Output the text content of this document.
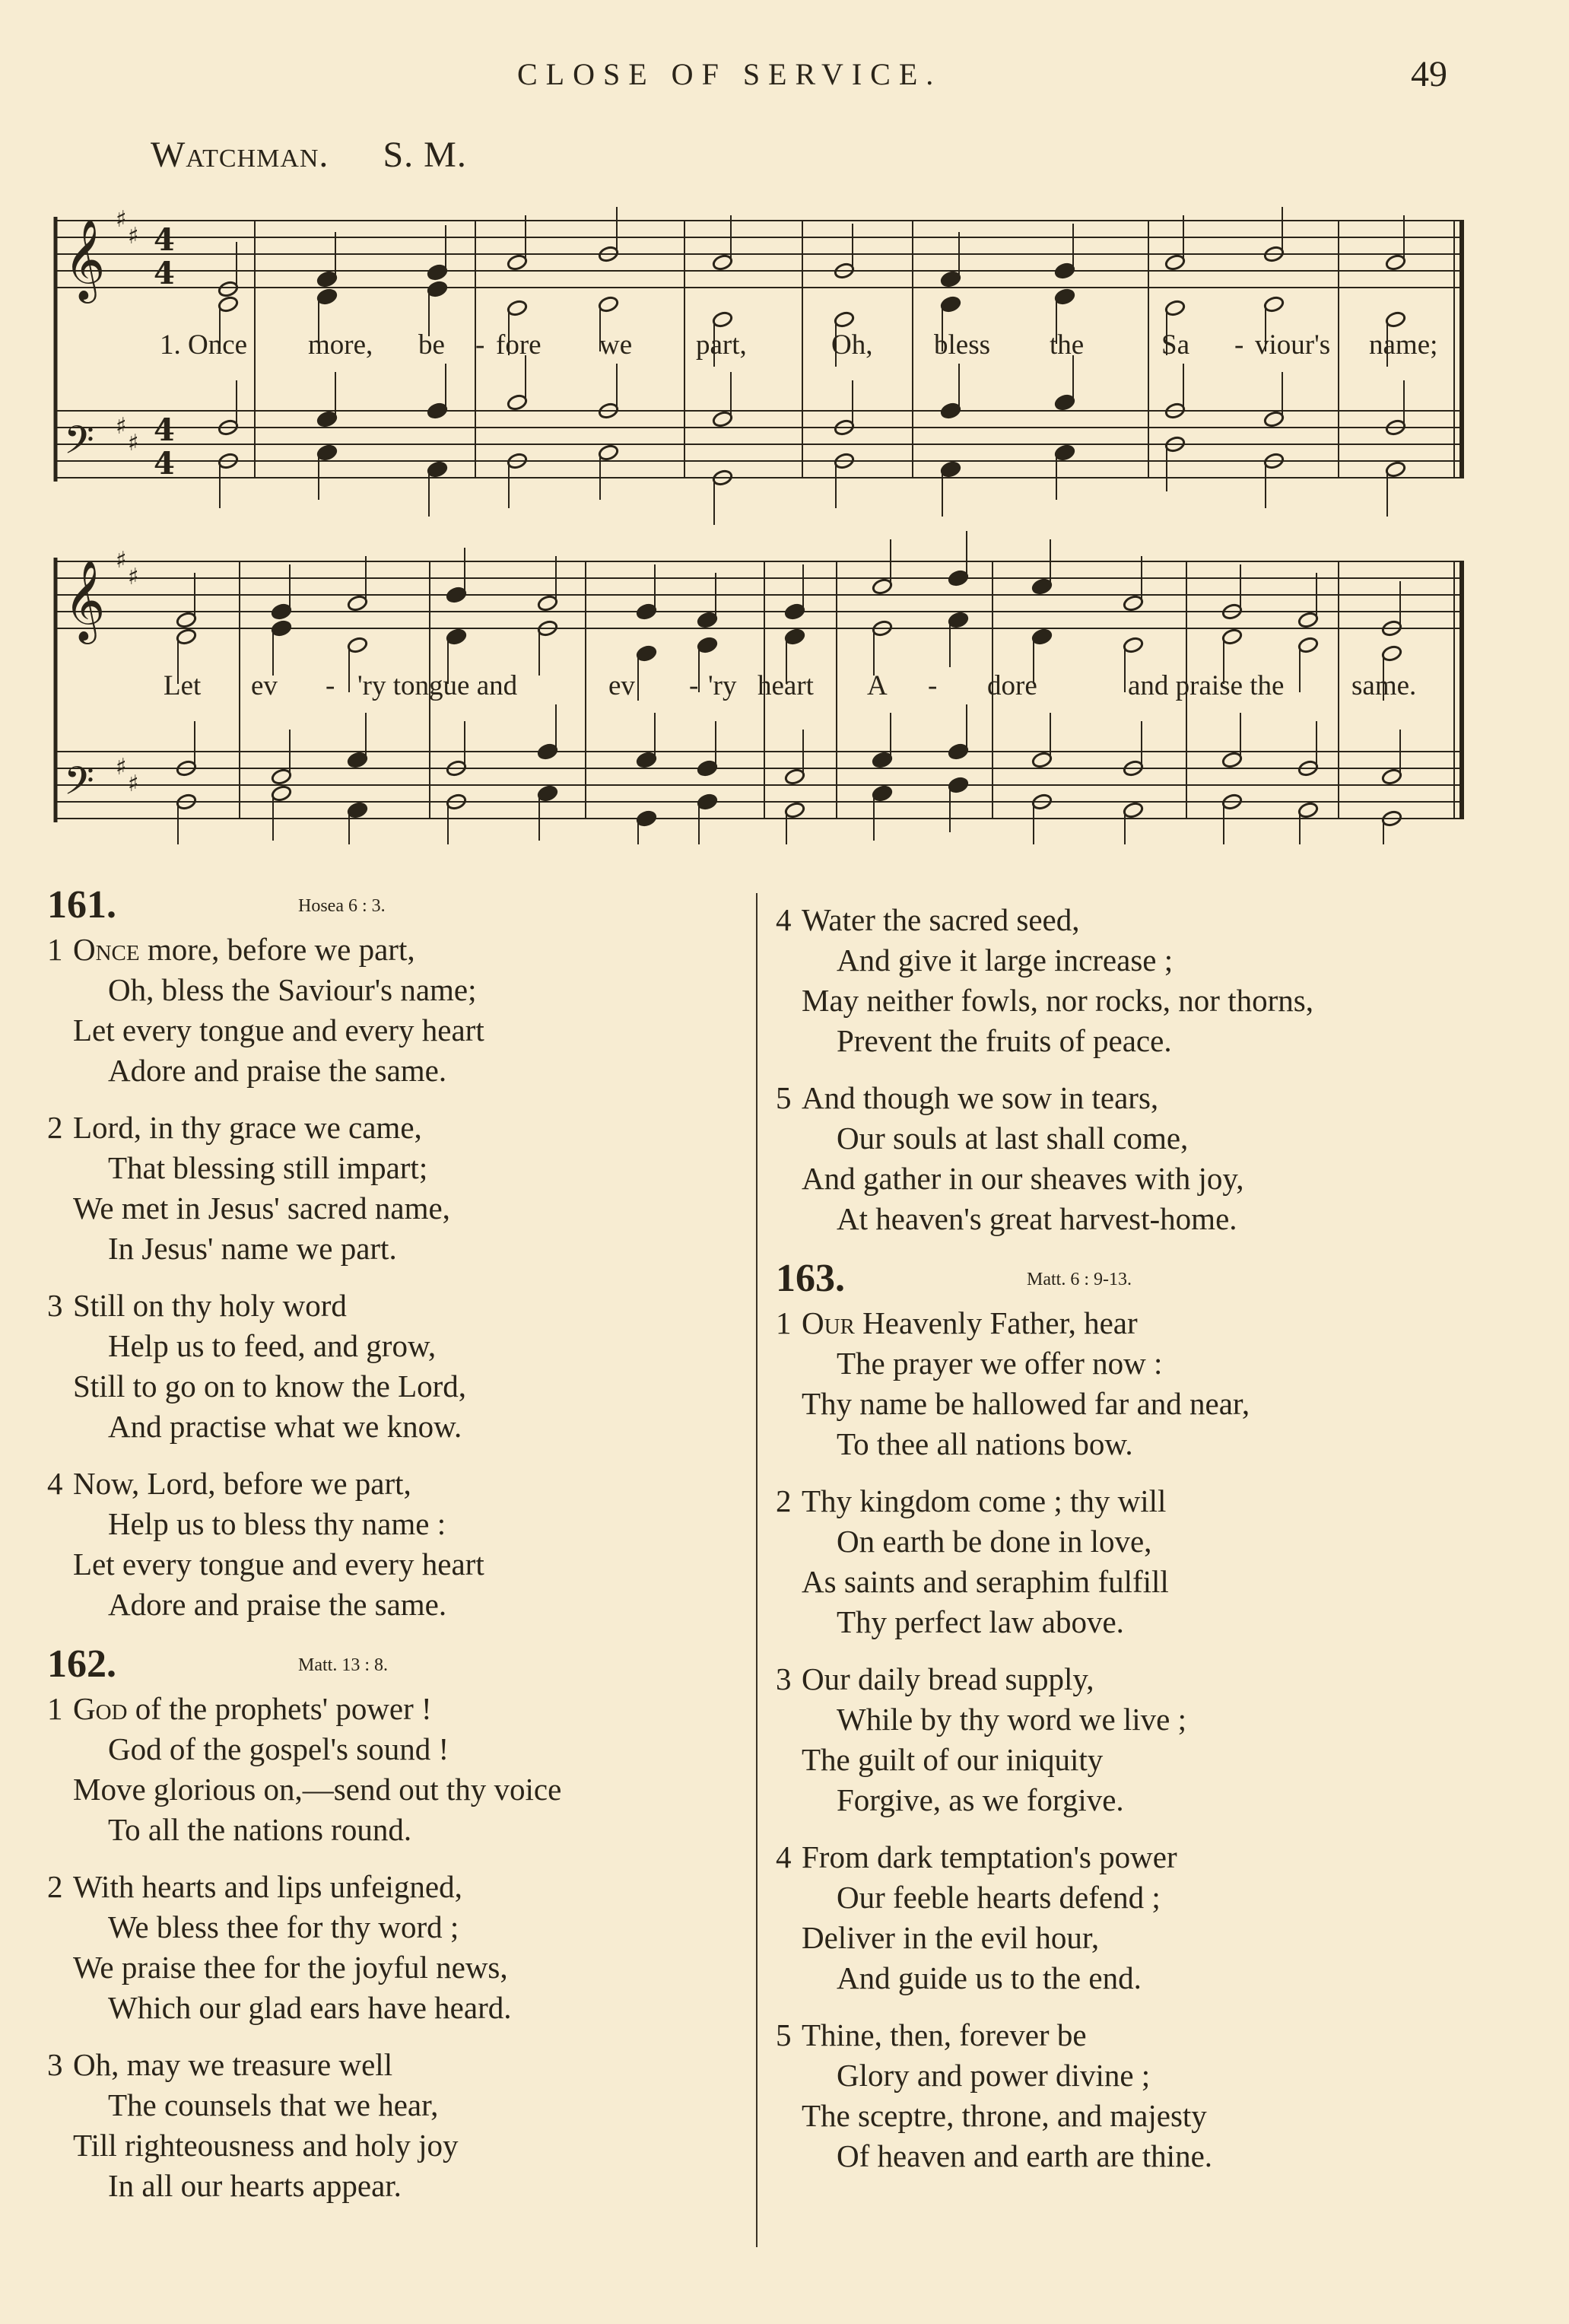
CLOSE OF SERVICE.	49
Watchman. S. M.
𝄞
𝄢
𝄞
𝄢
♯
♯
♯
♯
♯
♯
♯
♯
4
4
4
4
1. Once more, be - fore we part,	Oh, bless the	Sa - viour's name;
Let ev - 'ry tongue and	ev - 'ry heart A - dore	and praise the same.
161.	Hosea 6 : 3.
1 Once more, before we part,
Oh, bless the Saviour's name;
Let every tongue and every heart
Adore and praise the same.
2 Lord, in thy grace we came,
That blessing still impart;
We met in Jesus' sacred name,
In Jesus' name we part.
3 Still on thy holy word
Help us to feed, and grow,
Still to go on to know the Lord,
And practise what we know.
4 Now, Lord, before we part,
Help us to bless thy name :
Let every tongue and every heart
Adore and praise the same.
162.	Matt. 13 : 8.
1 God of the prophets' power !
God of the gospel's sound !
Move glorious on,—send out thy voice
To all the nations round.
2 With hearts and lips unfeigned,
We bless thee for thy word ;
We praise thee for the joyful news,
Which our glad ears have heard.
3 Oh, may we treasure well
The counsels that we hear,
Till righteousness and holy joy
In all our hearts appear.
4 Water the sacred seed,
And give it large increase ;
May neither fowls, nor rocks, nor thorns,
Prevent the fruits of peace.
5 And though we sow in tears,
Our souls at last shall come,
And gather in our sheaves with joy,
At heaven's great harvest-home.
163.	Matt. 6 : 9-13.
1 Our Heavenly Father, hear
The prayer we offer now :
Thy name be hallowed far and near,
To thee all nations bow.
2 Thy kingdom come ; thy will
On earth be done in love,
As saints and seraphim fulfill
Thy perfect law above.
3 Our daily bread supply,
While by thy word we live ;
The guilt of our iniquity
Forgive, as we forgive.
4 From dark temptation's power
Our feeble hearts defend ;
Deliver in the evil hour,
And guide us to the end.
5 Thine, then, forever be
Glory and power divine ;
The sceptre, throne, and majesty
Of heaven and earth are thine.
